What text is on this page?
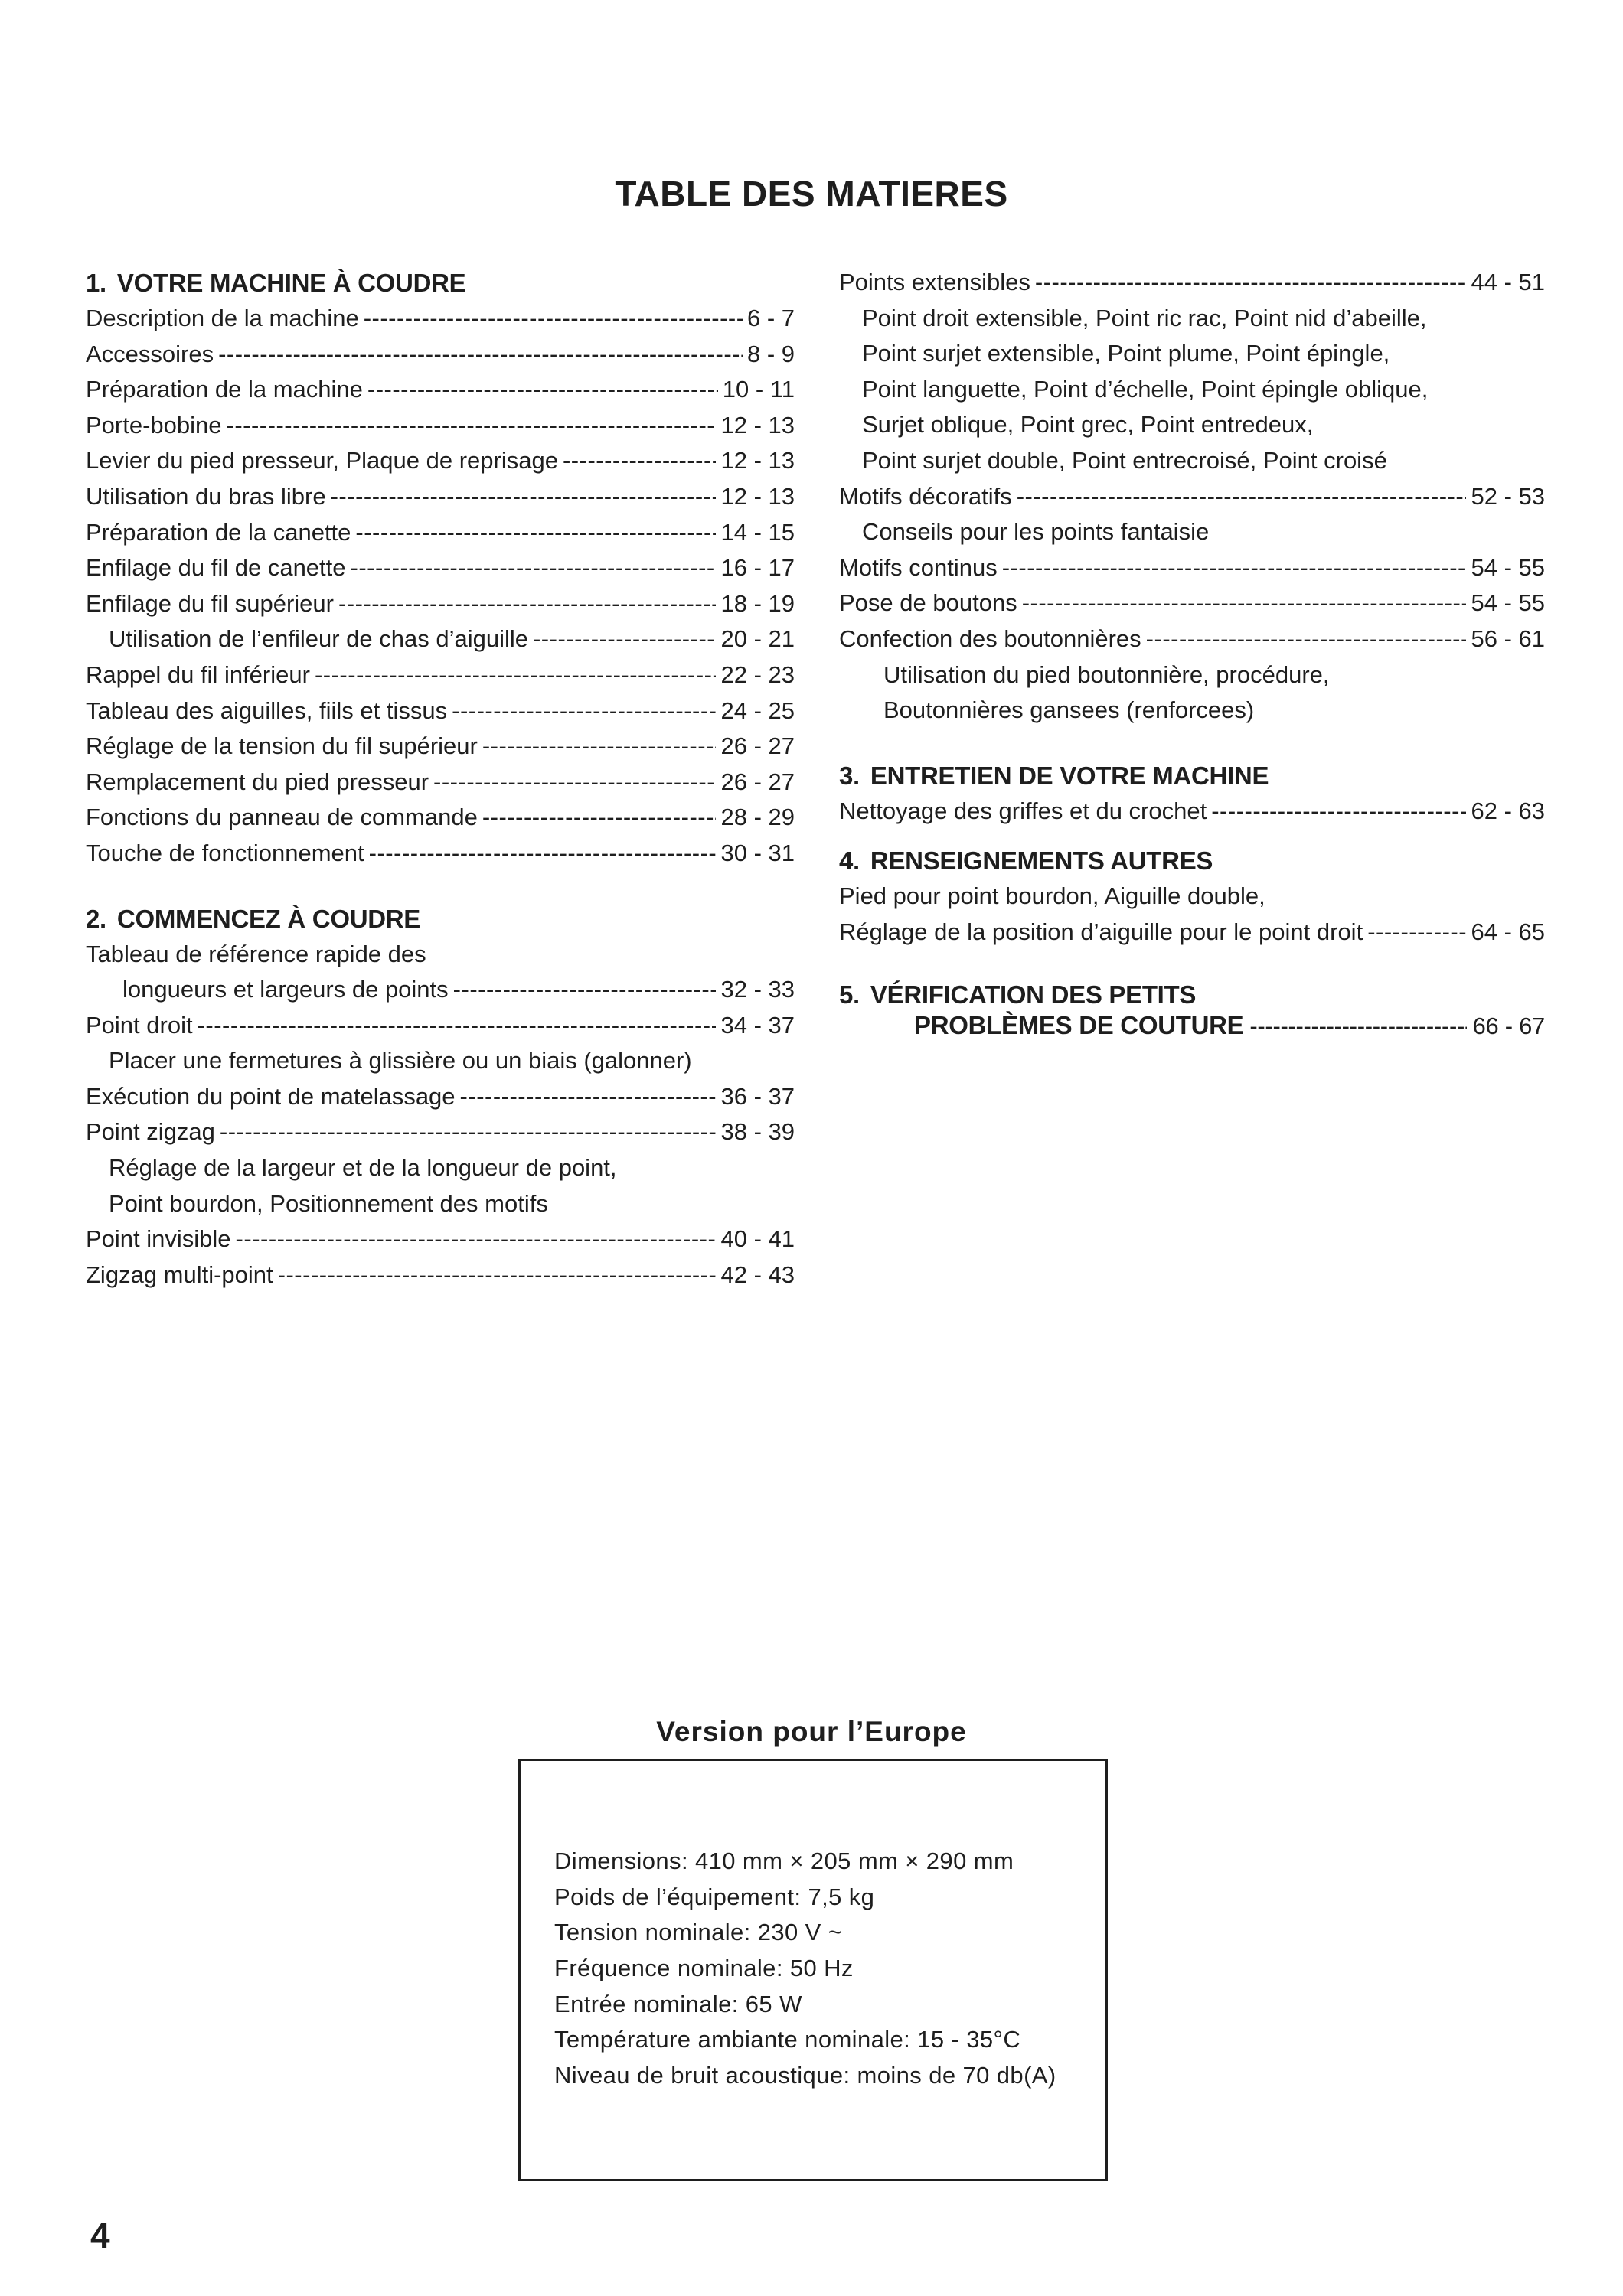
TABLE DES MATIERES
1. VOTRE MACHINE À COUDRE
Description de la machine -----	6 - 7
Accessoires -----	8 - 9
Préparation de la machine -----	10 - 11
Porte-bobine -----	12 - 13
Levier du pied presseur, Plaque de reprisage -----	12 - 13
Utilisation du bras libre -----	12 - 13
Préparation de la canette -----	14 - 15
Enfilage du fil de canette -----	16 - 17
Enfilage du fil supérieur -----	18 - 19
Utilisation de l’enfileur de chas d’aiguille -----	20 - 21
Rappel du fil inférieur -----	22 - 23
Tableau des aiguilles, fiils et tissus -----	24 - 25
Réglage de la tension du fil supérieur -----	26 - 27
Remplacement du pied presseur -----	26 - 27
Fonctions du panneau de commande -----	28 - 29
Touche de fonctionnement -----	30 - 31
2. COMMENCEZ À COUDRE
Tableau de référence rapide des
longueurs et largeurs de points -----	32 - 33
Point droit -----	34 - 37
Placer une fermetures à glissière ou un biais (galonner)
Exécution du point de matelassage -----	36 - 37
Point zigzag -----	38 - 39
Réglage de la largeur et de la longueur de point,
Point bourdon, Positionnement des motifs
Point invisible -----	40 - 41
Zigzag multi-point -----	42 - 43
Points extensibles -----	44 - 51
Point droit extensible, Point ric rac, Point nid d’abeille,
Point surjet extensible, Point plume, Point épingle,
Point languette, Point d’échelle, Point épingle oblique,
Surjet oblique, Point grec, Point entredeux,
Point surjet double, Point entrecroisé, Point croisé
Motifs décoratifs -----	52 - 53
Conseils pour les points fantaisie
Motifs continus -----	54 - 55
Pose de boutons -----	54 - 55
Confection des boutonnières -----	56 - 61
Utilisation du pied boutonnière, procédure,
Boutonnières gansees (renforcees)
3. ENTRETIEN DE VOTRE MACHINE
Nettoyage des griffes et du crochet -----	62 - 63
4. RENSEIGNEMENTS AUTRES
Pied pour point bourdon, Aiguille double,
Réglage de la position d’aiguille pour le point droit -----	64 - 65
5. VÉRIFICATION DES PETITS
PROBLÈMES DE COUTURE -----	66 - 67
Version pour l’Europe
Dimensions: 410 mm × 205 mm × 290 mm
Poids de l’équipement: 7,5 kg
Tension nominale: 230 V ~
Fréquence nominale: 50 Hz
Entrée nominale: 65 W
Température ambiante nominale: 15 - 35°C
Niveau de bruit acoustique: moins de 70 db(A)
4
